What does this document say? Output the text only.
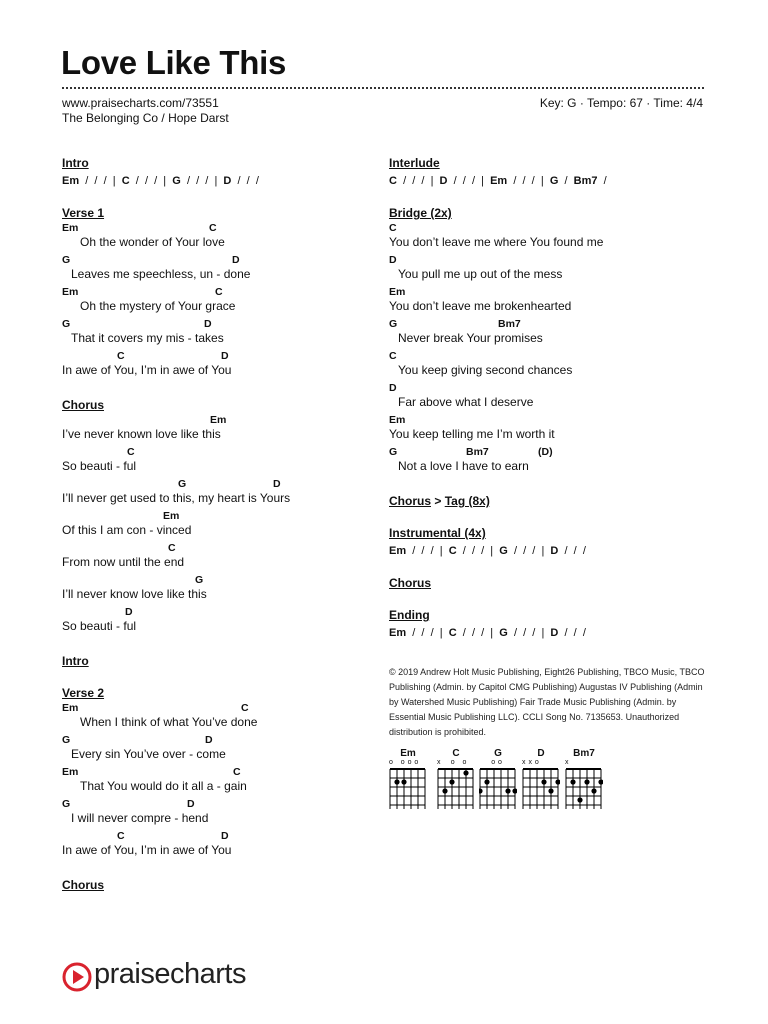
Love Like This
www.praisecharts.com/73551
The Belonging Co / Hope Darst
Key: G · Tempo: 67 · Time: 4/4
Intro
Em  /  /  /  |  C  /  /  /  |  G  /  /  /  |  D  /  /  /
Verse 1
Em	C
Oh the wonder of Your love
G	D
Leaves me speechless, un - done
Em	C
Oh the mystery of Your grace
G	D
That it covers my mis - takes
C	D
In awe of You, I’m in awe of You
Chorus
Em
I’ve never known love like this
C
So beauti - ful
G	D
I’ll never get used to this, my heart is Yours
Em
Of this I am con - vinced
C
From now until the end
G
I’ll never know love like this
D
So beauti - ful
Intro
Verse 2
Em	C
When I think of what You’ve done
G	D
Every sin You’ve over - come
Em	C
That You would do it all a - gain
G	D
I will never compre - hend
C	D
In awe of You, I’m in awe of You
Chorus
Interlude
C  /  /  /  |  D  /  /  /  |  Em  /  /  /  |  G  /  Bm7  /
Bridge (2x)
C
You don’t leave me where You found me
D
You pull me up out of the mess
Em
You don’t leave me brokenhearted
G	Bm7
Never break Your promises
C
You keep giving second chances
D
Far above what I deserve
Em
You keep telling me I’m worth it
G	Bm7	(D)
Not a love I have to earn
Chorus > Tag (8x)
Instrumental (4x)
Em  /  /  /  |  C  /  /  /  |  G  /  /  /  |  D  /  /  /
Chorus
Ending
Em  /  /  /  |  C  /  /  /  |  G  /  /  /  |  D  /  /  /

© 2019 Andrew Holt Music Publishing, Eight26 Publishing, TBCO Music, TBCO Publishing (Admin. by Capitol CMG Publishing) Augustas IV Publishing (Admin by Watershed Music Publishing) Fair Trade Music Publishing (Admin. by Essential Music Publishing LLC). CCLI Song No. 7135653. Unauthorized distribution is prohibited.

Em
o   o o o
C
x    o   o
G
o o
D
x x o
Bm7
x
praisecharts
